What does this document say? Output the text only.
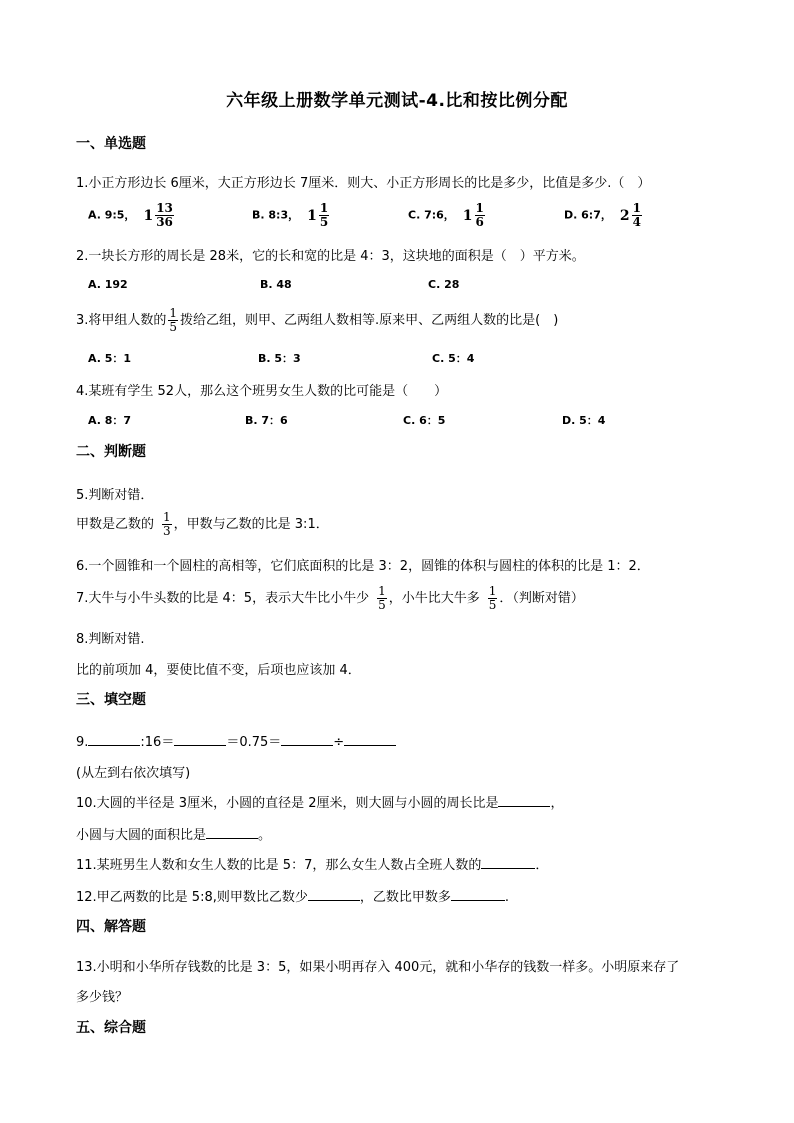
六年级上册数学单元测试-4.比和按比例分配
一、单选题
1.小正方形边长 6厘米，大正方形边长 7厘米．则大、小正方形周长的比是多少，比值是多少.（　）
A. 9:5， $1 \frac{13}{36}$	B. 8:3， $1 \frac{1}{5}$	C. 7:6， $1 \frac{1}{6}$	D. 6:7， $2 \frac{1}{4}$
2.一块长方形的周长是 28米，它的长和宽的比是 4：3，这块地的面积是（　）平方米。
A. 192	B. 48	C. 28
3.将甲组人数的 $\frac{1}{5}$ 拨给乙组，则甲、乙两组人数相等.原来甲、乙两组人数的比是(　)
A. 5：1	B. 5：3	C. 5：4
4.某班有学生 52人，那么这个班男女生人数的比可能是（　　）
A. 8：7	B. 7：6	C. 6：5	D. 5：4
二、判断题
5.判断对错．
甲数是乙数的 $\frac{1}{3}$ ，甲数与乙数的比是 3:1．
6.一个圆锥和一个圆柱的高相等，它们底面积的比是 3：2，圆锥的体积与圆柱的体积的比是 1：2．
7.大牛与小牛头数的比是 4：5，表示大牛比小牛少 $\frac{1}{5}$ ，小牛比大牛多 $\frac{1}{5}$ ．（判断对错）
8.判断对错.
比的前项加 4，要使比值不变，后项也应该加 4．
三、填空题
9.	:16＝	＝0.75＝	÷
(从左到右依次填写)
10.大圆的半径是 3厘米，小圆的直径是 2厘米，则大圆与小圆的周长比是	，
小圆与大圆的面积比是	。
11.某班男生人数和女生人数的比是 5：7，那么女生人数占全班人数的	．
12.甲乙两数的比是 5:8,则甲数比乙数少	，乙数比甲数多	.
四、解答题
13.小明和小华所存钱数的比是 3：5，如果小明再存入 400元，就和小华存的钱数一样多。小明原来存了
多少钱？
五、综合题
